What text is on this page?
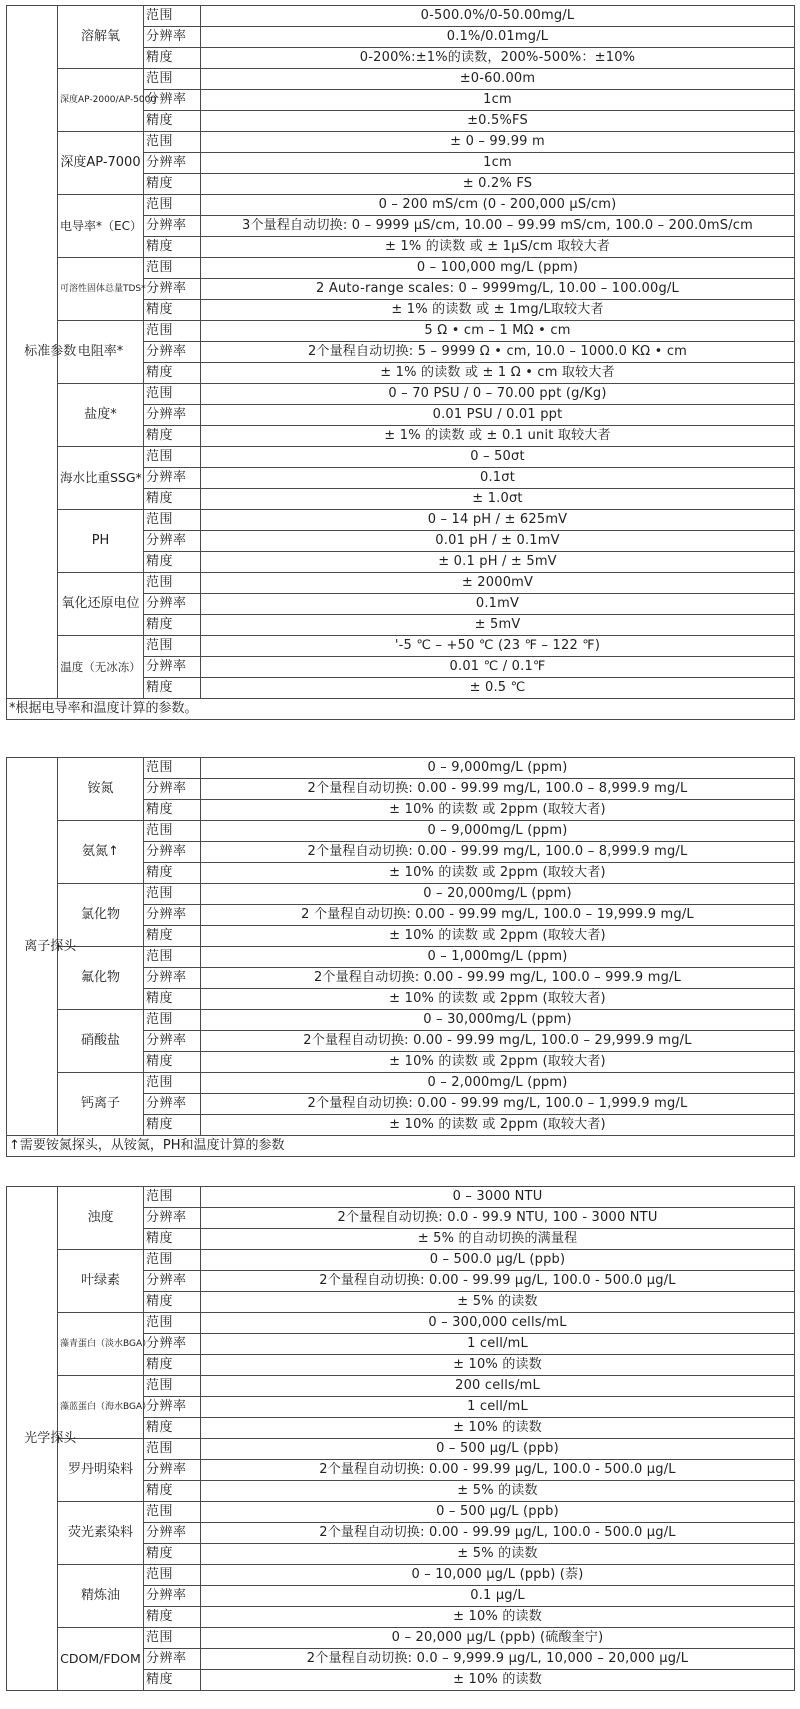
标准参数	溶解氧	范围	0-500.0%/0-50.00mg/L
		分辨率	0.1%/0.01mg/L
		精度	0-200%:±1%的读数，200%-500%：±10%
	深度AP-2000/AP-5000	范围	±0-60.00m
		分辨率	1cm
		精度	±0.5%FS
	深度AP-7000	范围	± 0 – 99.99 m
		分辨率	1cm
		精度	± 0.2% FS
	电导率*（EC）	范围	0 – 200 mS/cm (0 - 200,000 µS/cm)
		分辨率	3个量程自动切换: 0 – 9999 µS/cm, 10.00 – 99.99 mS/cm, 100.0 – 200.0mS/cm
		精度	± 1% 的读数 或 ± 1µS/cm 取较大者
	可溶性固体总量TDS*	范围	0 – 100,000 mg/L (ppm)
		分辨率	2 Auto-range scales: 0 – 9999mg/L, 10.00 – 100.00g/L
		精度	± 1% 的读数 或 ± 1mg/L取较大者
	电阻率*	范围	5 Ω • cm – 1 MΩ • cm
		分辨率	2个量程自动切换: 5 – 9999 Ω • cm, 10.0 – 1000.0 KΩ • cm
		精度	± 1% 的读数 或 ± 1 Ω • cm 取较大者
	盐度*	范围	0 – 70 PSU / 0 – 70.00 ppt (g/Kg)
		分辨率	0.01 PSU / 0.01 ppt
		精度	± 1% 的读数 或 ± 0.1 unit 取较大者
	海水比重SSG*	范围	0 – 50σt
		分辨率	0.1σt
		精度	± 1.0σt
	PH	范围	0 – 14 pH / ± 625mV
		分辨率	0.01 pH / ± 0.1mV
		精度	± 0.1 pH / ± 5mV
	氧化还原电位	范围	± 2000mV
		分辨率	0.1mV
		精度	± 5mV
	温度（无冰冻）	范围	'-5 ℃ – +50 ℃ (23 ℉ – 122 ℉)
		分辨率	0.01 ℃ / 0.1℉
		精度	± 0.5 ℃
*根据电导率和温度计算的参数。			
离子探头	铵氮	范围	0 – 9,000mg/L (ppm)
		分辨率	2个量程自动切换: 0.00 - 99.99 mg/L, 100.0 – 8,999.9 mg/L
		精度	± 10% 的读数 或 2ppm (取较大者)
	氨氮↑	范围	0 – 9,000mg/L (ppm)
		分辨率	2个量程自动切换: 0.00 - 99.99 mg/L, 100.0 – 8,999.9 mg/L
		精度	± 10% 的读数 或 2ppm (取较大者)
	氯化物	范围	0 – 20,000mg/L (ppm)
		分辨率	2 个量程自动切换: 0.00 - 99.99 mg/L, 100.0 – 19,999.9 mg/L
		精度	± 10% 的读数 或 2ppm (取较大者)
	氟化物	范围	0 – 1,000mg/L (ppm)
		分辨率	2个量程自动切换: 0.00 - 99.99 mg/L, 100.0 – 999.9 mg/L
		精度	± 10% 的读数 或 2ppm (取较大者)
	硝酸盐	范围	0 – 30,000mg/L (ppm)
		分辨率	2个量程自动切换: 0.00 - 99.99 mg/L, 100.0 – 29,999.9 mg/L
		精度	± 10% 的读数 或 2ppm (取较大者)
	钙离子	范围	0 – 2,000mg/L (ppm)
		分辨率	2个量程自动切换: 0.00 - 99.99 mg/L, 100.0 – 1,999.9 mg/L
		精度	± 10% 的读数 或 2ppm (取较大者)
↑需要铵氮探头，从铵氮，PH和温度计算的参数			
光学探头	浊度	范围	0 – 3000 NTU
		分辨率	2个量程自动切换: 0.0 - 99.9 NTU, 100 - 3000 NTU
		精度	± 5% 的自动切换的满量程
	叶绿素	范围	0 – 500.0 µg/L (ppb)
		分辨率	2个量程自动切换: 0.00 - 99.99 µg/L, 100.0 - 500.0 µg/L
		精度	± 5% 的读数
	藻青蛋白（淡水BGA）	范围	0 – 300,000 cells/mL
		分辨率	1 cell/mL
		精度	± 10% 的读数
	藻蓝蛋白（海水BGA）	范围	200 cells/mL
		分辨率	1 cell/mL
		精度	± 10% 的读数
	罗丹明染料	范围	0 – 500 µg/L (ppb)
		分辨率	2个量程自动切换: 0.00 - 99.99 µg/L, 100.0 - 500.0 µg/L
		精度	± 5% 的读数
	荧光素染料	范围	0 – 500 µg/L (ppb)
		分辨率	2个量程自动切换: 0.00 - 99.99 µg/L, 100.0 - 500.0 µg/L
		精度	± 5% 的读数
	精炼油	范围	0 – 10,000 µg/L (ppb) (萘)
		分辨率	0.1 µg/L
		精度	± 10% 的读数
	CDOM/FDOM	范围	0 – 20,000 µg/L (ppb) (硫酸奎宁)
		分辨率	2个量程自动切换: 0.0 – 9,999.9 µg/L, 10,000 – 20,000 µg/L
		精度	± 10% 的读数
